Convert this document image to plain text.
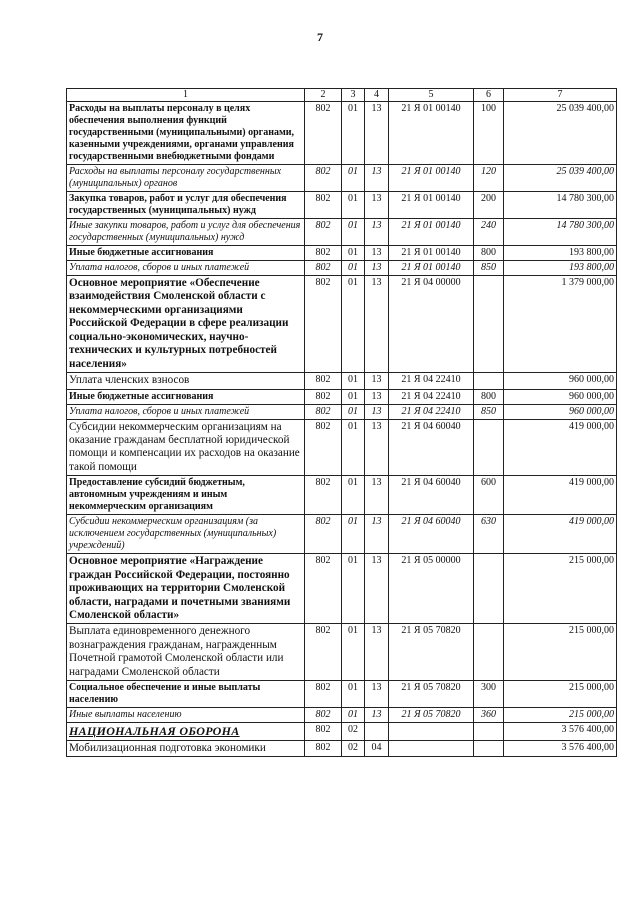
7
1	2	3	4	5	6	7
Расходы на выплаты персоналу в целях обеспечения выполнения функций государственными (муниципальными) органами, казенными учреждениями, органами управления государственными внебюджетными фондами	802	01	13	21 Я 01 00140	100	25 039 400,00
Расходы на выплаты персоналу государственных (муниципальных) органов	802	01	13	21 Я 01 00140	120	25 039 400,00
Закупка товаров, работ и услуг для обеспечения государственных (муниципальных) нужд	802	01	13	21 Я 01 00140	200	14 780 300,00
Иные закупки товаров, работ и услуг для обеспечения государственных (муниципальных) нужд	802	01	13	21 Я 01 00140	240	14 780 300,00
Иные бюджетные ассигнования	802	01	13	21 Я 01 00140	800	193 800,00
Уплата налогов, сборов и иных платежей	802	01	13	21 Я 01 00140	850	193 800,00
Основное мероприятие «Обеспечение взаимодействия Смоленской области с некоммерческими организациями Российской Федерации в сфере реализации социально-экономических, научно-технических и культурных потребностей населения»	802	01	13	21 Я 04 00000		1 379 000,00
Уплата членских взносов	802	01	13	21 Я 04 22410		960 000,00
Иные бюджетные ассигнования	802	01	13	21 Я 04 22410	800	960 000,00
Уплата налогов, сборов и иных платежей	802	01	13	21 Я 04 22410	850	960 000,00
Субсидии некоммерческим организациям на оказание гражданам бесплатной юридической помощи и компенсации их расходов на оказание такой помощи	802	01	13	21 Я 04 60040		419 000,00
Предоставление субсидий бюджетным, автономным учреждениям и иным некоммерческим организациям	802	01	13	21 Я 04 60040	600	419 000,00
Субсидии некоммерческим организациям (за исключением государственных (муниципальных) учреждений)	802	01	13	21 Я 04 60040	630	419 000,00
Основное мероприятие «Награждение граждан Российской Федерации, постоянно проживающих на территории Смоленской области, наградами и почетными званиями Смоленской области»	802	01	13	21 Я 05 00000		215 000,00
Выплата единовременного денежного вознаграждения гражданам, награжденным Почетной грамотой Смоленской области или наградами Смоленской области	802	01	13	21 Я 05 70820		215 000,00
Социальное обеспечение и иные выплаты населению	802	01	13	21 Я 05 70820	300	215 000,00
Иные выплаты населению	802	01	13	21 Я 05 70820	360	215 000,00
НАЦИОНАЛЬНАЯ ОБОРОНА	802	02				3 576 400,00
Мобилизационная подготовка экономики	802	02	04			3 576 400,00
